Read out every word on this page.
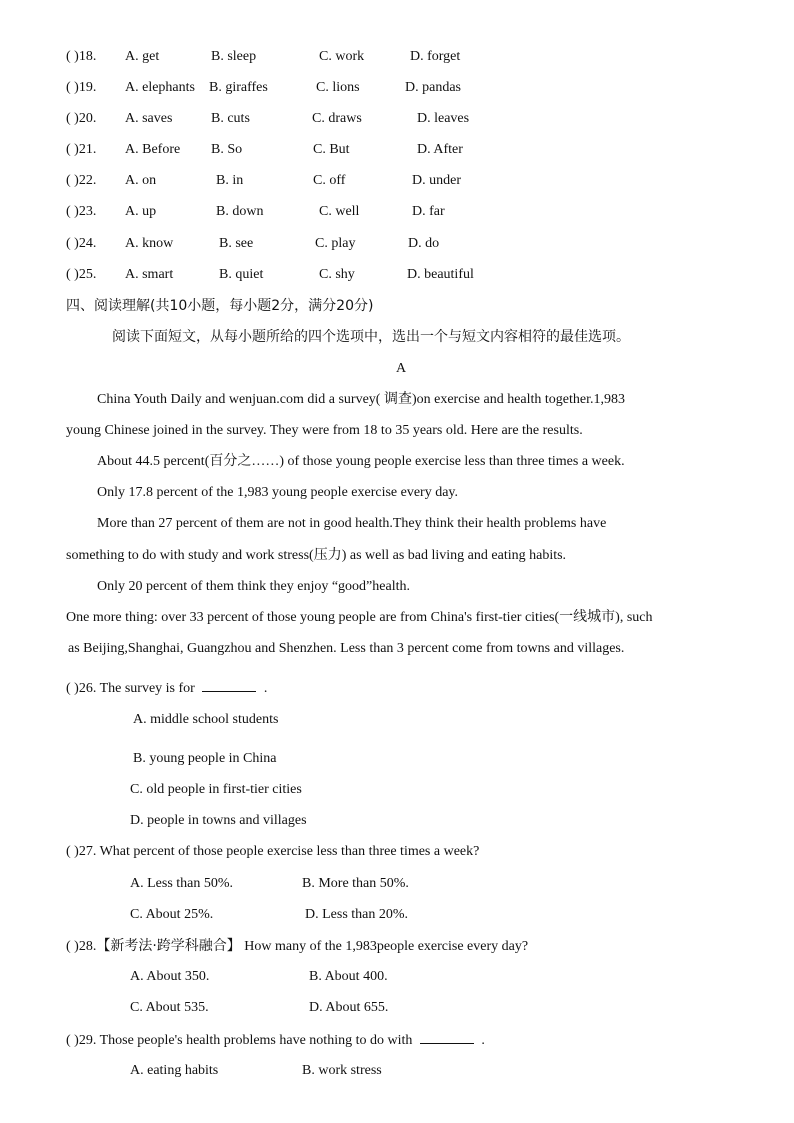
( )18. A. get	B. sleep	C. work	D. forget
( )19. A. elephants B. giraffes	C. lions	D. pandas
( )20. A. saves	B. cuts	C. draws	D. leaves
( )21. A. Before B. So	C. But	D. After
( )22. A. on	B. in	C. off	D. under
( )23. A. up	B. down	C. well	D. far
( )24. A. know	B. see	C. play	D. do
( )25. A. smart	B. quiet	C. shy	D. beautiful
四、阅读理解(共10小题，每小题2分，满分20分)
阅读下面短文，从每小题所给的四个选项中，选出一个与短文内容相符的最佳选项。
A
China Youth Daily and wenjuan.com did a survey( 调查)on exercise and health together.1,983
young Chinese joined in the survey. They were from 18 to 35 years old. Here are the results.
About 44.5 percent(百分之……) of those young people exercise less than three times a week.
Only 17.8 percent of the 1,983 young people exercise every day.
More than 27 percent of them are not in good health.They think their health problems have
something to do with study and work stress(压力) as well as bad living and eating habits.
Only 20 percent of them think they enjoy “good”health.
One more thing: over 33 percent of those young people are from China's first-tier cities(一线城市), such
as Beijing,Shanghai, Guangzhou and Shenzhen. Less than 3 percent come from towns and villages.
( )26. The survey is for	.
A. middle school students
B. young people in China
C. old people in first-tier cities
D. people in towns and villages
( )27. What percent of those people exercise less than three times a week?
A. Less than 50%.	B. More than 50%.
C. About 25%.	D. Less than 20%.
( )28.【新考法·跨学科融合】 How many of the 1,983people exercise every day?
A. About 350.	B. About 400.
C. About 535.	D. About 655.
( )29. Those people's health problems have nothing to do with	.
A. eating habits	B. work stress
